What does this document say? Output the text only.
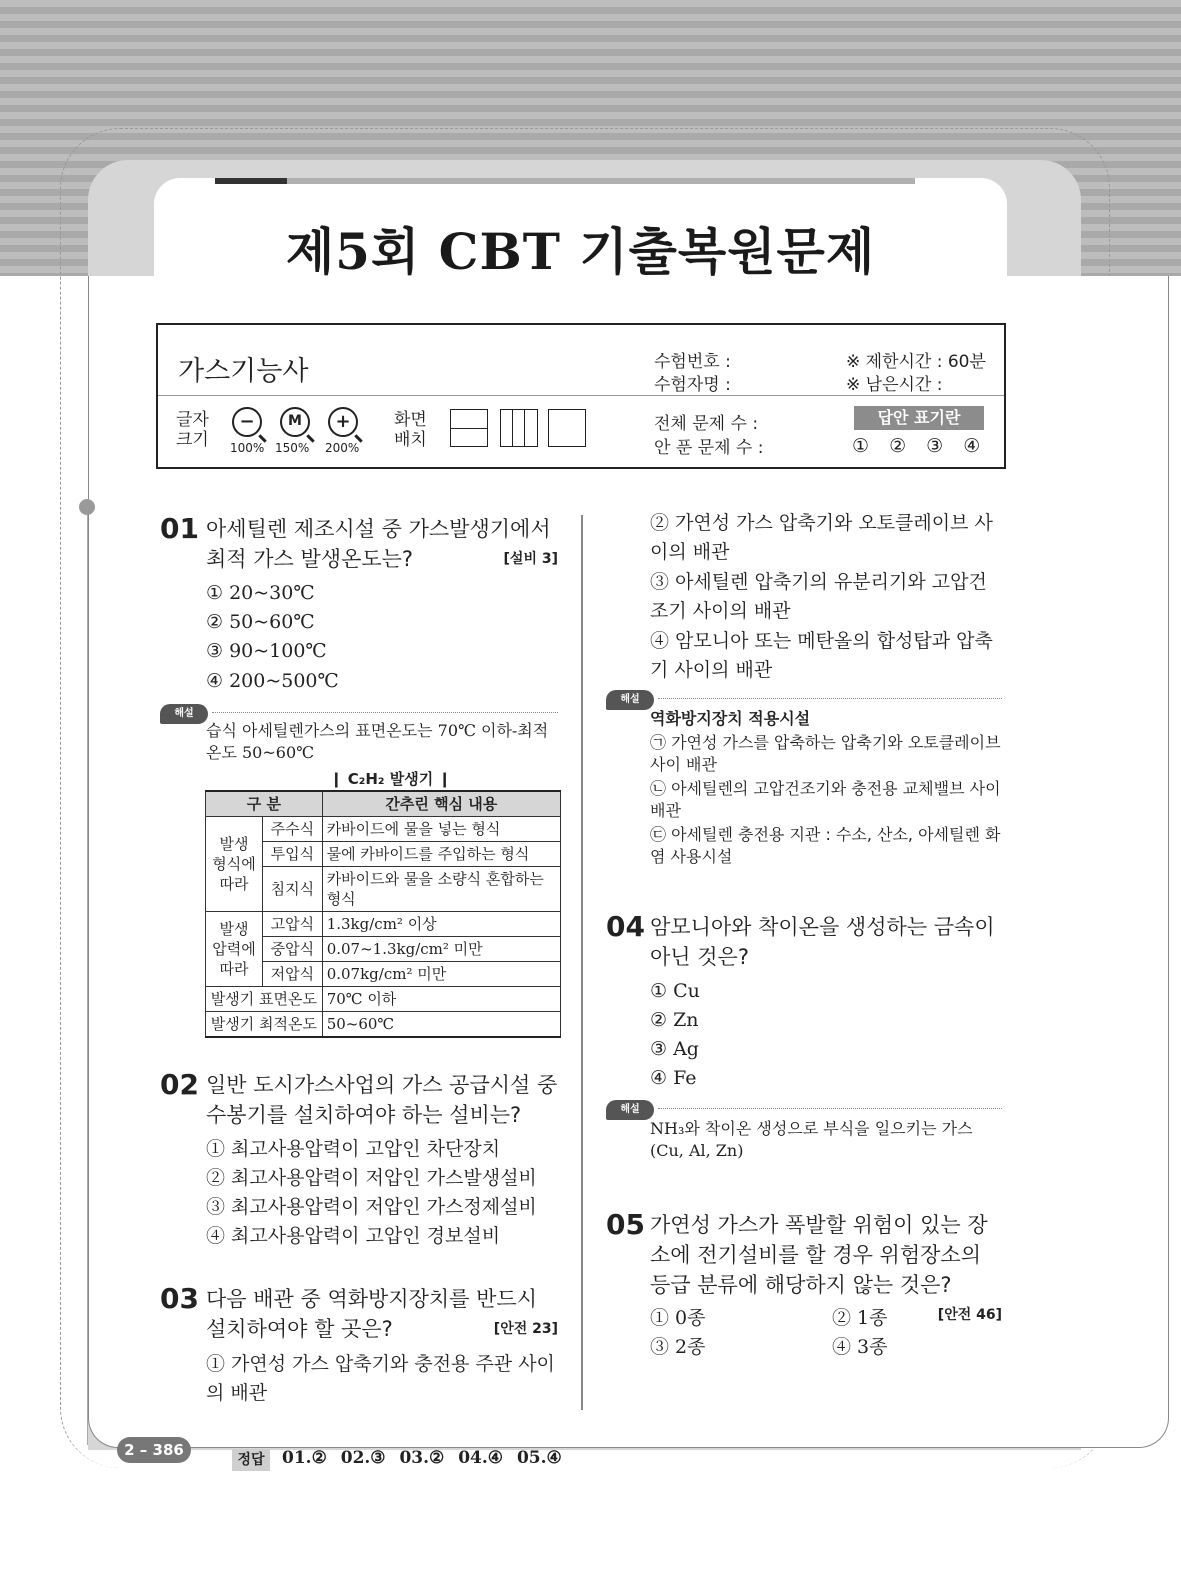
제5회 CBT 기출복원문제
가스기능사	수험번호 :
수험자명 :
※ 제한시간 : 60분
※ 남은시간 :
글자 크기
−
100%
M
150%
+
200%
화면 배치
전체 문제 수 :
안 푼 문제 수 :
답안 표기란
① ② ③ ④
01 아세틸렌 제조시설 중 가스발생기에서 최적 가스 발생온도는?	[설비 3]
① 20~30℃
② 50~60℃
③ 90~100℃
④ 200~500℃
해설
습식 아세틸렌가스의 표면온도는 70℃ 이하-최적온도 50~60℃
❙ C₂H₂ 발생기 ❙
구 분		간추린 핵심 내용
발생 형식에 따라	주수식	카바이드에 물을 넣는 형식
	투입식	물에 카바이드를 주입하는 형식
	침지식	카바이드와 물을 소량식 혼합하는 형식
발생 압력에 따라	고압식	1.3kg/cm² 이상
	중압식	0.07~1.3kg/cm² 미만
	저압식	0.07kg/cm² 미만
발생기 표면온도		70℃ 이하
발생기 최적온도		50~60℃
02 일반 도시가스사업의 가스 공급시설 중 수봉기를 설치하여야 하는 설비는?
① 최고사용압력이 고압인 차단장치
② 최고사용압력이 저압인 가스발생설비
③ 최고사용압력이 저압인 가스정제설비
④ 최고사용압력이 고압인 경보설비
03 다음 배관 중 역화방지장치를 반드시 설치하여야 할 곳은?	[안전 23]
① 가연성 가스 압축기와 충전용 주관 사이의 배관
② 가연성 가스 압축기와 오토클레이브 사이의 배관
③ 아세틸렌 압축기의 유분리기와 고압건조기 사이의 배관
④ 암모니아 또는 메탄올의 합성탑과 압축기 사이의 배관
해설
역화방지장치 적용시설
㉠ 가연성 가스를 압축하는 압축기와 오토클레이브 사이 배관
㉡ 아세틸렌의 고압건조기와 충전용 교체밸브 사이 배관
㉢ 아세틸렌 충전용 지관 : 수소, 산소, 아세틸렌 화염 사용시설
04 암모니아와 착이온을 생성하는 금속이 아닌 것은?
① Cu
② Zn
③ Ag
④ Fe
해설
NH₃와 착이온 생성으로 부식을 일으키는 가스 (Cu, Al, Zn)
05 가연성 가스가 폭발할 위험이 있는 장소에 전기설비를 할 경우 위험장소의 등급 분류에 해당하지 않는 것은?
[안전 46]
① 0종	② 1종
③ 2종	④ 3종
2 – 386
정답	01.② 02.③ 03.② 04.④ 05.④
